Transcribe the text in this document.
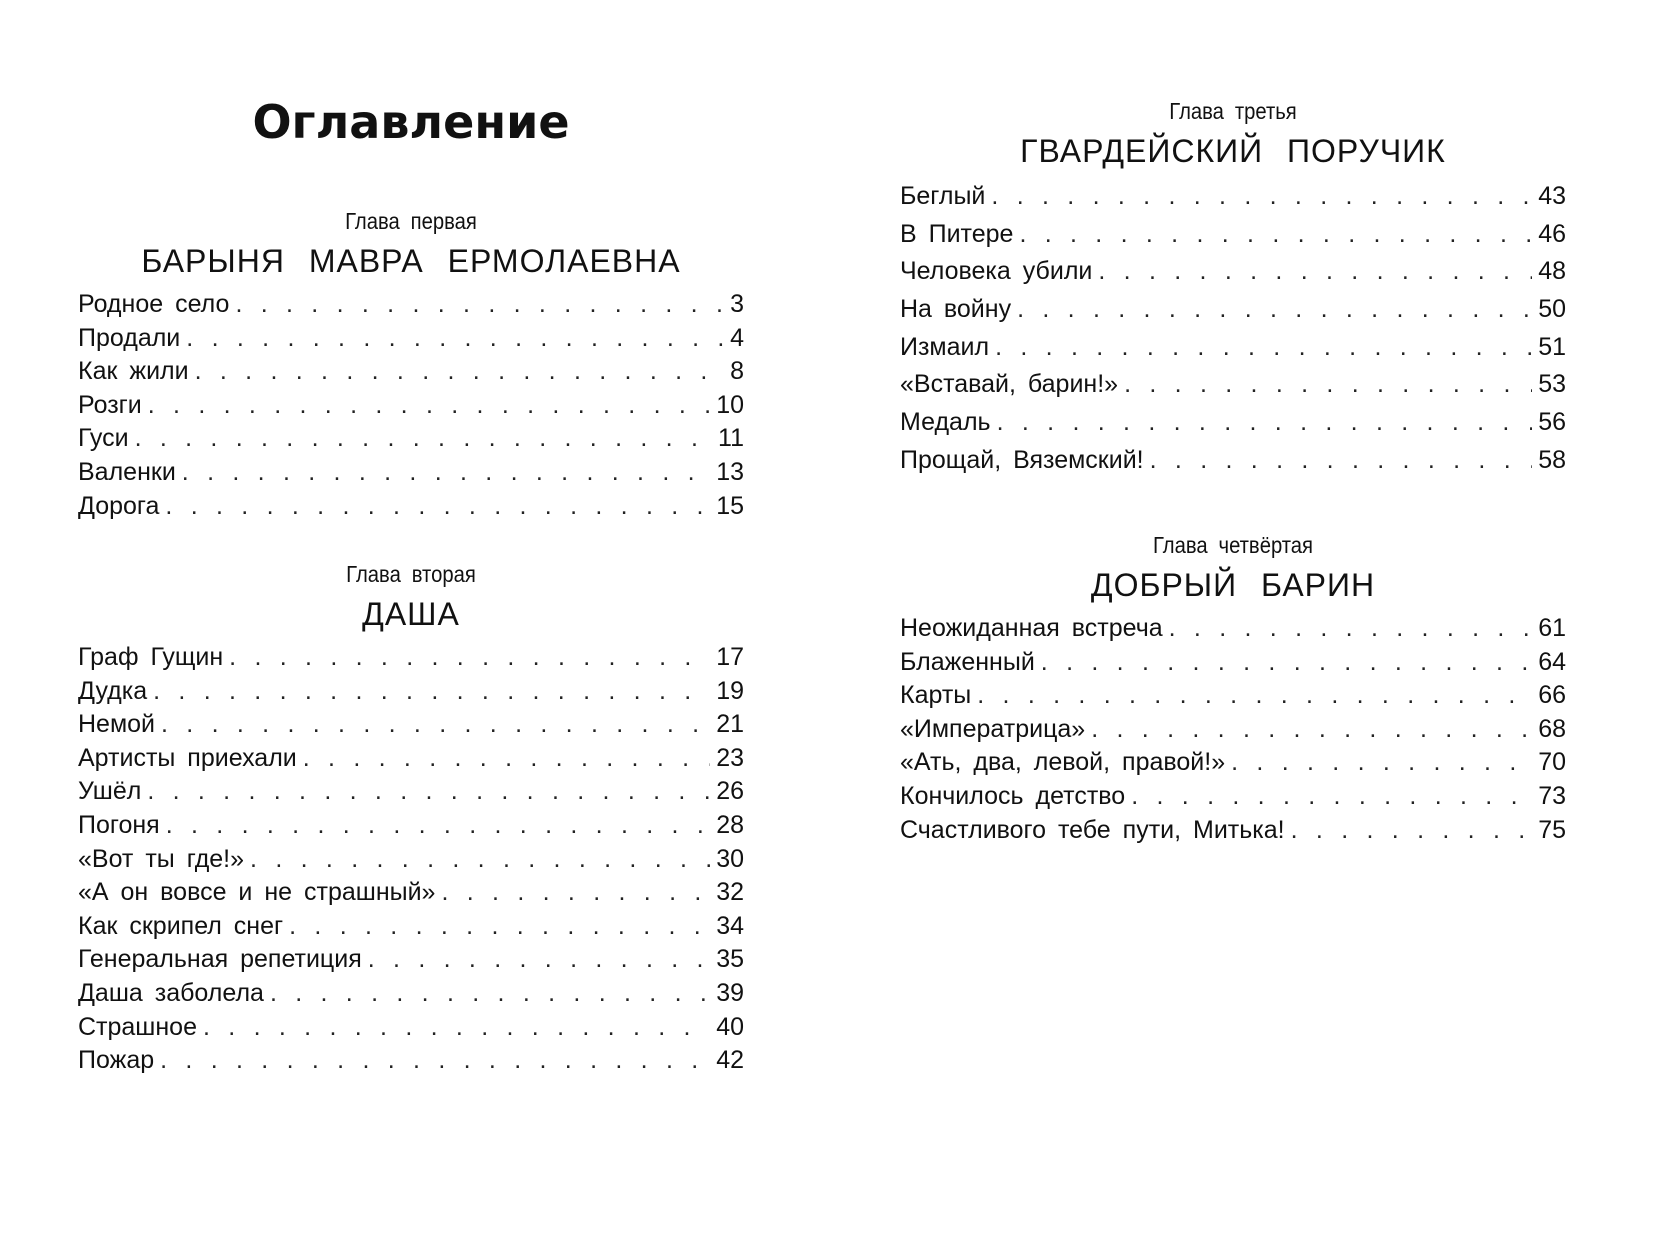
Оглавление
Глава первая
БАРЫНЯ МАВРА ЕРМОЛАЕВНА
Родное село . . .	3
Продали . . .	4
Как жили . . .	8
Розги . . .	10
Гуси . . .	11
Валенки . . .	13
Дорога . . .	15
Глава вторая
ДАША
Граф Гущин . . .	17
Дудка . . .	19
Немой . . .	21
Артисты приехали . . .	23
Ушёл . . .	26
Погоня . . .	28
«Вот ты где!» . . .	30
«А он вовсе и не страшный» . . .	32
Как скрипел снег . . .	34
Генеральная репетиция . . .	35
Даша заболела . . .	39
Страшное . . .	40
Пожар . . .	42
Глава третья
ГВАРДЕЙСКИЙ ПОРУЧИК
Беглый . . .	43
В Питере . . .	46
Человека убили . . .	48
На войну . . .	50
Измаил . . .	51
«Вставай, барин!» . . .	53
Медаль . . .	56
Прощай, Вяземский! . . .	58
Глава четвёртая
ДОБРЫЙ БАРИН
Неожиданная встреча . . .	61
Блаженный . . .	64
Карты . . .	66
«Императрица» . . .	68
«Ать, два, левой, правой!» . . .	70
Кончилось детство . . .	73
Счастливого тебе пути, Митька! . . .	75
